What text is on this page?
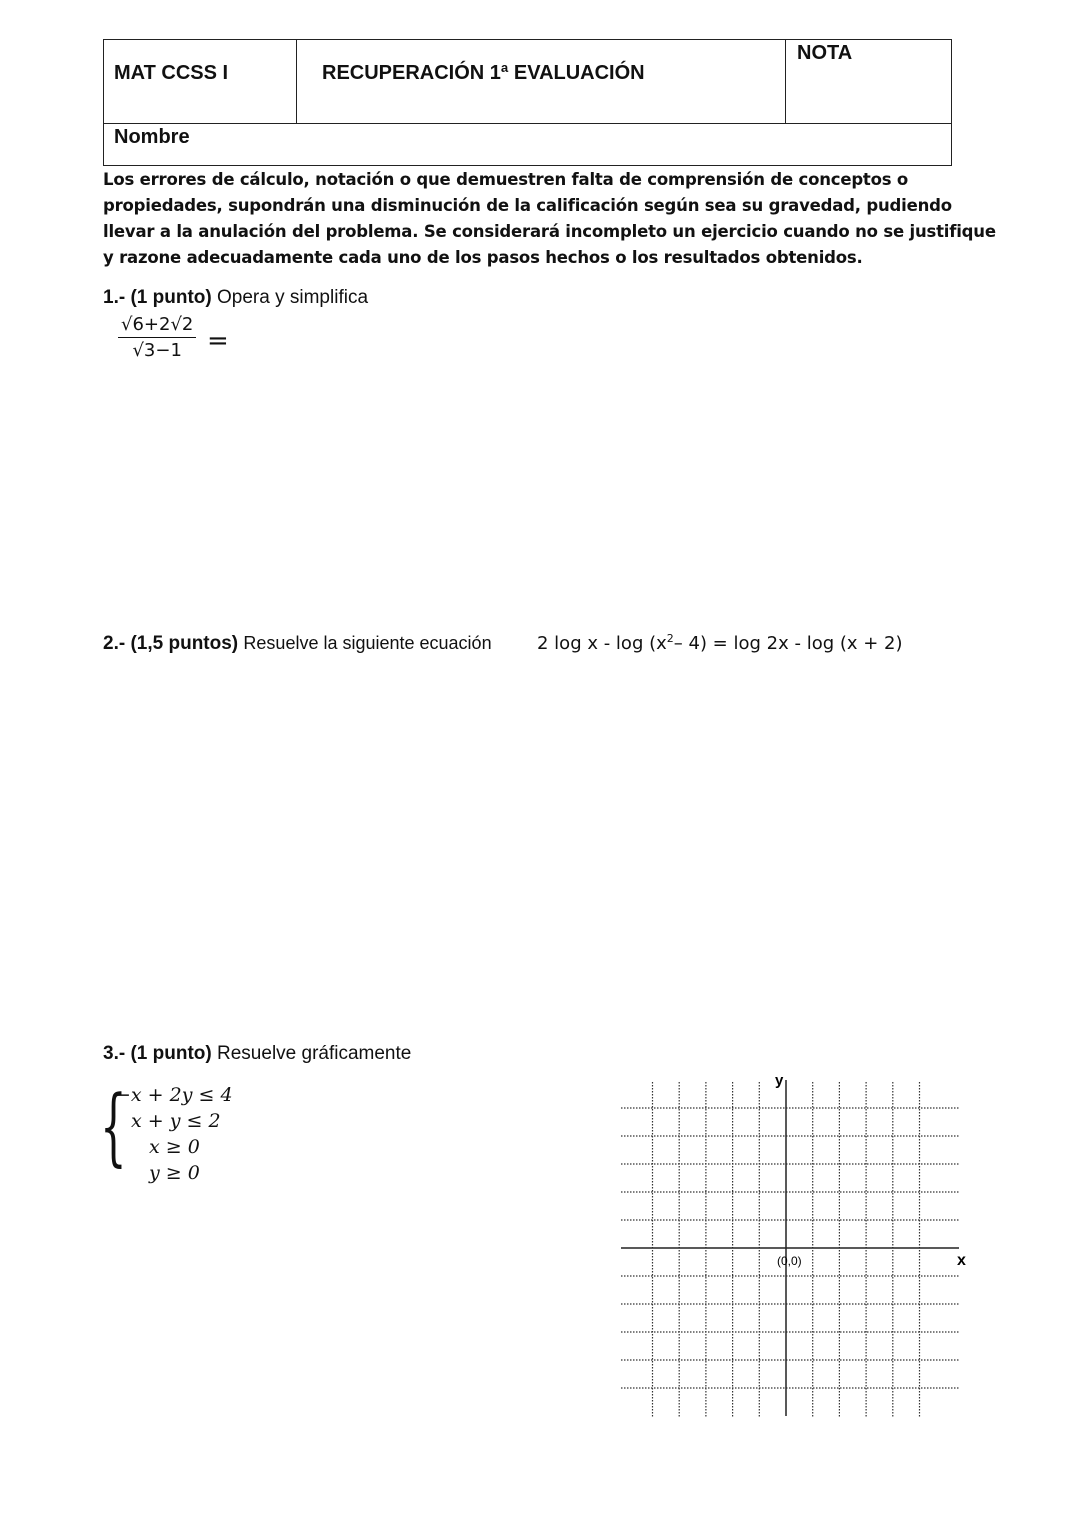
MAT CCSS I	RECUPERACIÓN 1ª EVALUACIÓN
NOTA
Nombre
Los errores de cálculo, notación o que demuestren falta de comprensión de conceptos o propiedades, supondrán una disminución de la calificación según sea su gravedad, pudiendo llevar a la anulación del problema. Se considerará incompleto un ejercicio cuando no se justifique y razone adecuadamente cada uno de los pasos hechos o los resultados obtenidos.
1.- (1 punto) Opera y simplifica
$\frac{√6+2√2}{√3-1}$ =
2.- (1,5 puntos) Resuelve la siguiente ecuación	2 log x - $\log (x^2-$ 4) = log 2x - log (x + 2)
3.- (1 punto) Resuelve gráficamente
{
−x + 2y ≤ 4
x + y ≤ 2
x ≥ 0
y ≥ 0
y
x
(0,0)
